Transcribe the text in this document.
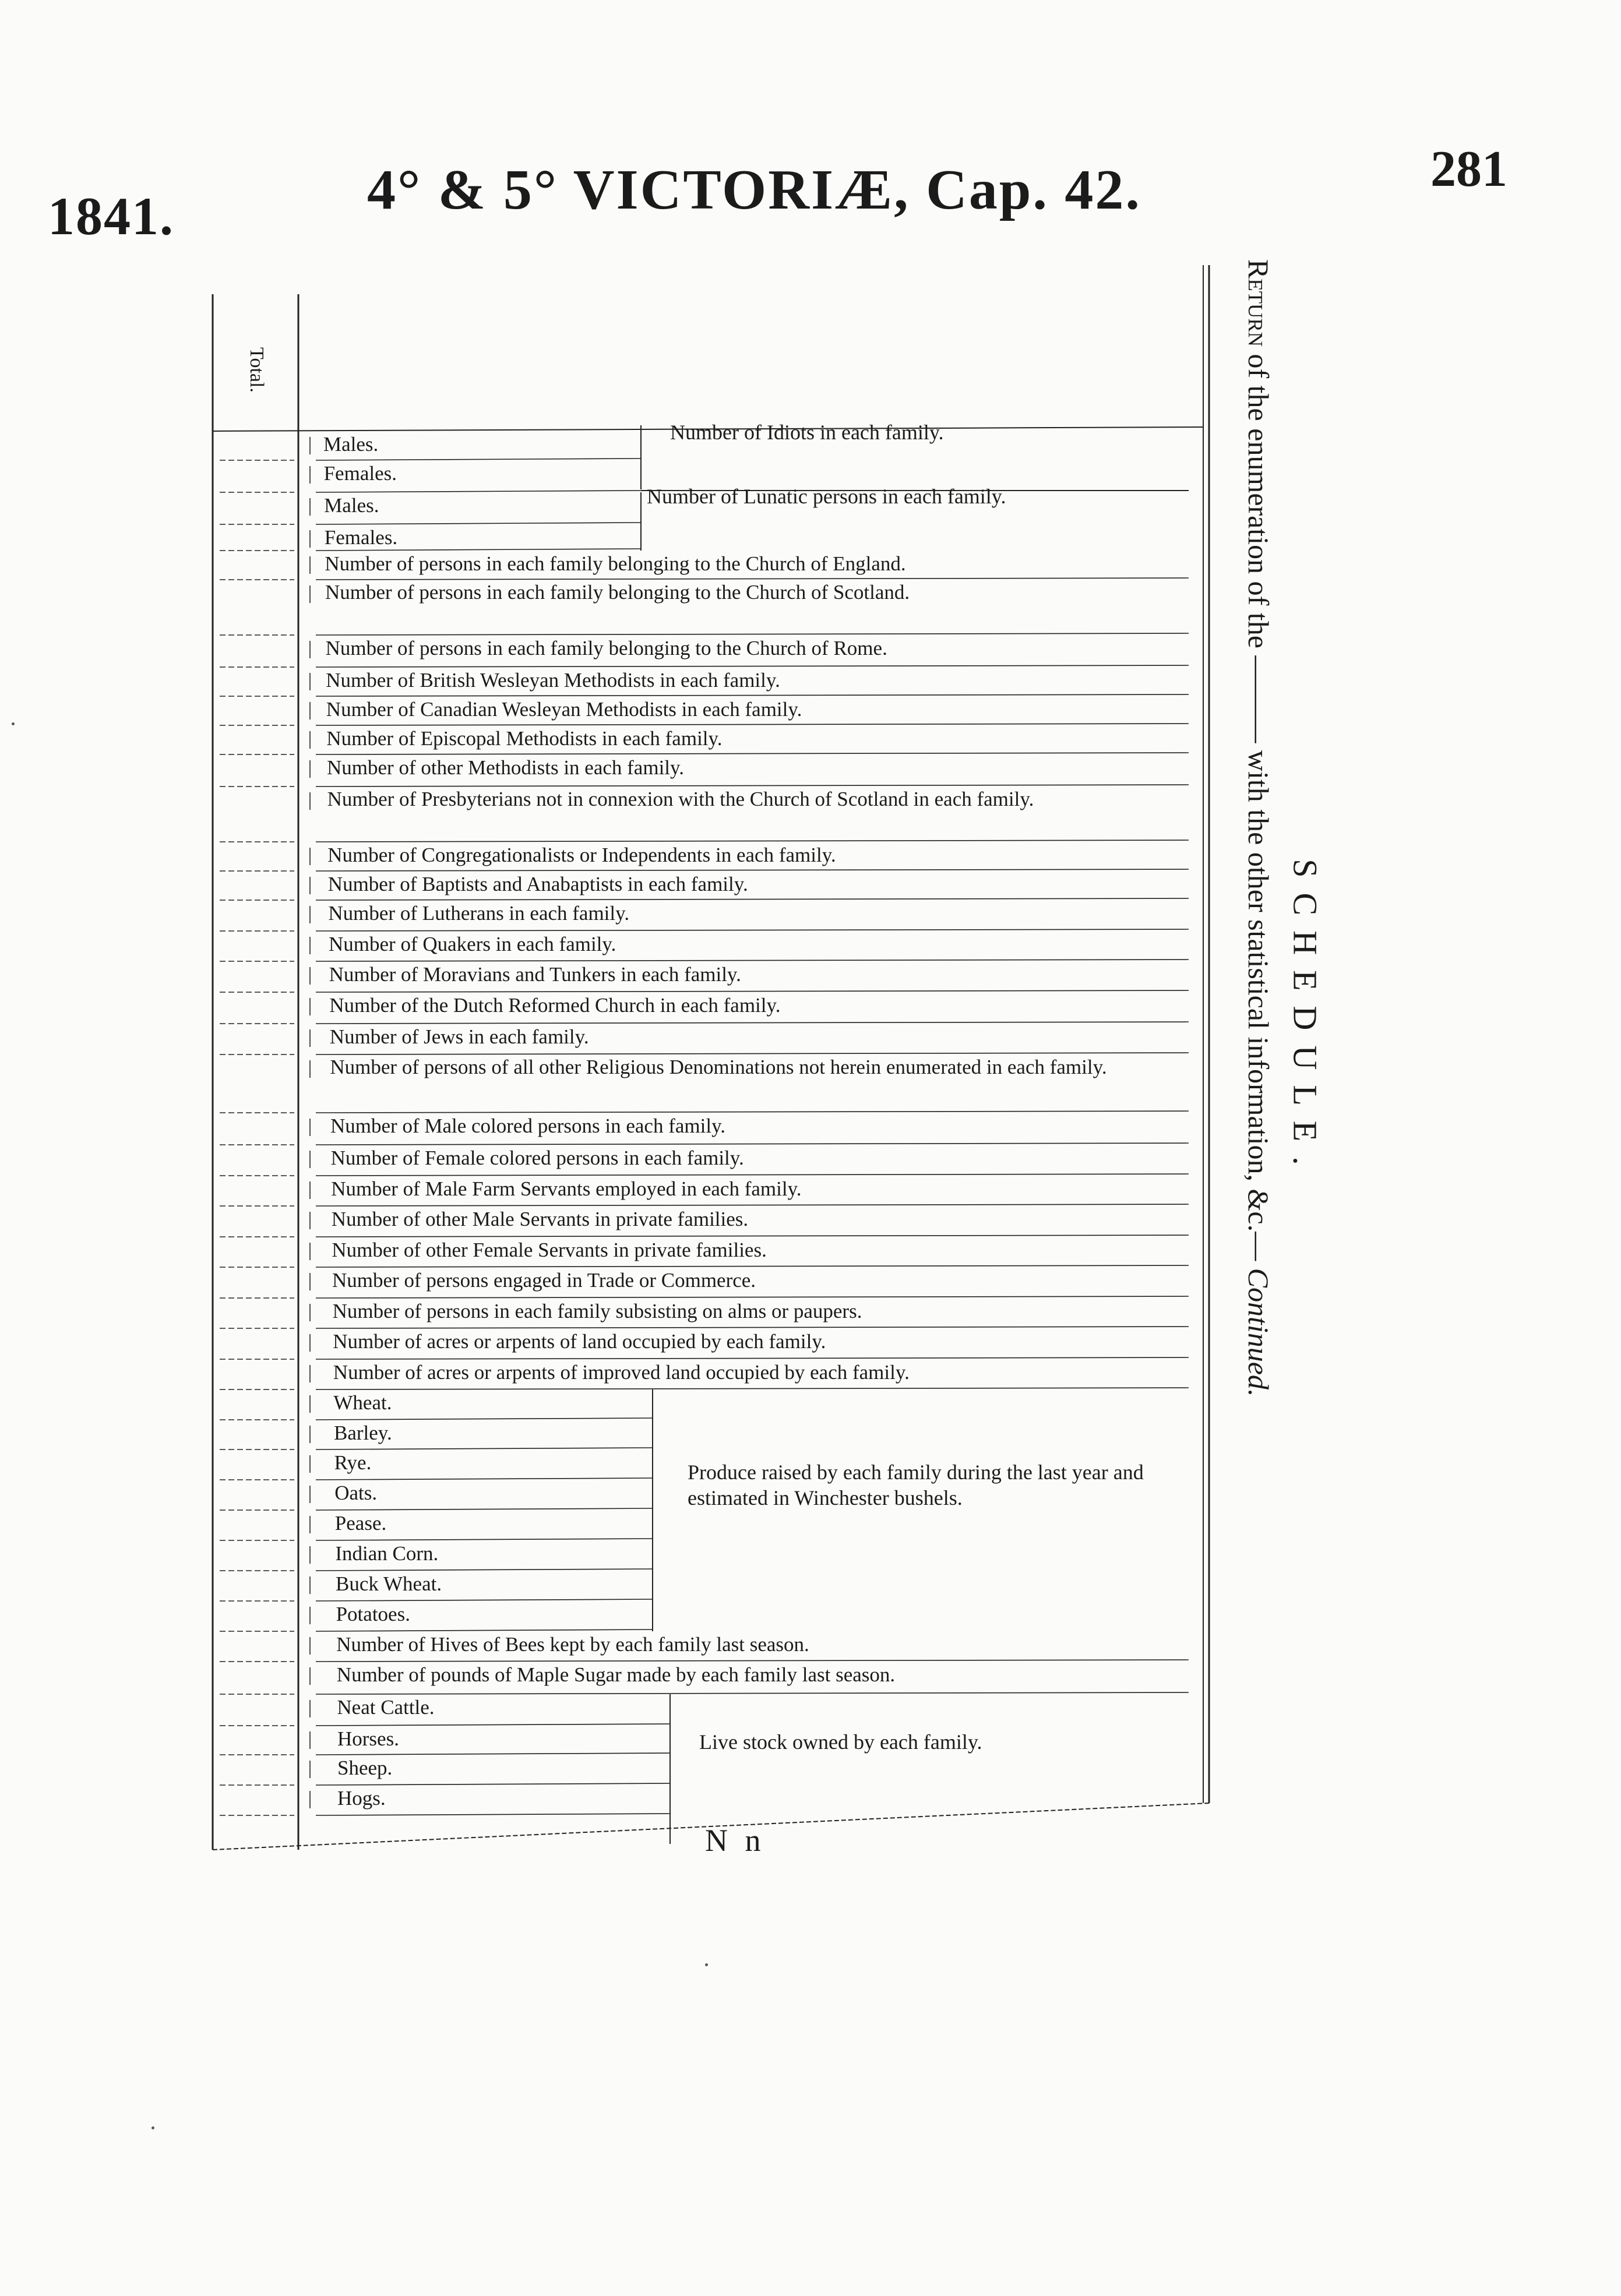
1841.	4° & 5° VICTORIÆ, Cap. 42.	281
Total.
Males.
Females.
Males.
Females.
Number of persons in each family belonging to the Church of England.
Number of persons in each family belonging to the Church of Scotland.
Number of persons in each family belonging to the Church of Rome.
Number of British Wesleyan Methodists in each family.
Number of Canadian Wesleyan Methodists in each family.
Number of Episcopal Methodists in each family.
Number of other Methodists in each family.
Number of Presbyterians not in connexion with the Church of Scotland in each family.
Number of Congregationalists or Independents in each family.
Number of Baptists and Anabaptists in each family.
Number of Lutherans in each family.
Number of Quakers in each family.
Number of Moravians and Tunkers in each family.
Number of the Dutch Reformed Church in each family.
Number of Jews in each family.
Number of persons of all other Religious Denominations not herein enumerated in each family.
Number of Male colored persons in each family.
Number of Female colored persons in each family.
Number of Male Farm Servants employed in each family.
Number of other Male Servants in private families.
Number of other Female Servants in private families.
Number of persons engaged in Trade or Commerce.
Number of persons in each family subsisting on alms or paupers.
Number of acres or arpents of land occupied by each family.
Number of acres or arpents of improved land occupied by each family.
Wheat.
Barley.
Rye.
Oats.
Pease.
Indian Corn.
Buck Wheat.
Potatoes.
Number of Hives of Bees kept by each family last season.
Number of pounds of Maple Sugar made by each family last season.
Neat Cattle.
Horses.
Sheep.
Hogs.
Number of Idiots in each family.
Number of Lunatic persons in each family.
Produce raised by each family during the last year and estimated in Winchester bushels.
Live stock owned by each family.
Return of the enumeration of the ——— with the other statistical information, &c.— Continued.
SCHEDULE.
N n
